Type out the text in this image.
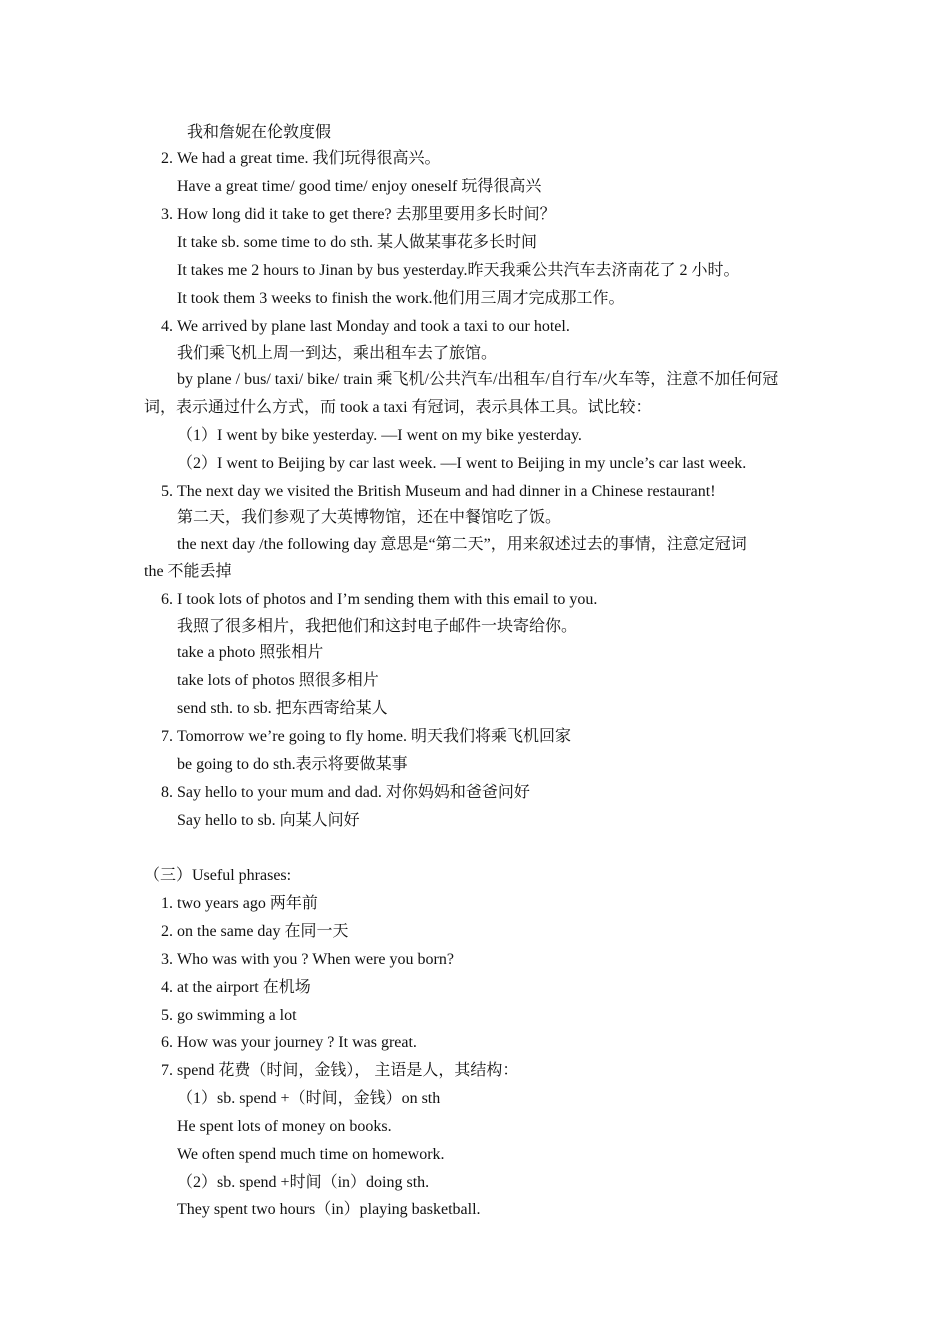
我和詹妮在伦敦度假
2. We had a great time. 我们玩得很高兴。
Have a great time/ good time/ enjoy oneself 玩得很高兴
3. How long did it take to get there? 去那里要用多长时间？
It take sb. some time to do sth. 某人做某事花多长时间
It takes me 2 hours to Jinan by bus yesterday.昨天我乘公共汽车去济南花了 2 小时。
It took them 3 weeks to finish the work.他们用三周才完成那工作。
4. We arrived by plane last Monday and took a taxi to our hotel.
我们乘飞机上周一到达，乘出租车去了旅馆。
by plane / bus/ taxi/ bike/ train 乘飞机/公共汽车/出租车/自行车/火车等，注意不加任何冠
词，表示通过什么方式，而 took a taxi 有冠词，表示具体工具。试比较：
（1）I went by bike yesterday. —I went on my bike yesterday.
（2）I went to Beijing by car last week. —I went to Beijing in my uncle’s car last week.
5. The next day we visited the British Museum and had dinner in a Chinese restaurant!
第二天，我们参观了大英博物馆，还在中餐馆吃了饭。
the next day /the following day 意思是“第二天”，用来叙述过去的事情，注意定冠词
the 不能丢掉
6. I took lots of photos and I’m sending them with this email to you.
我照了很多相片，我把他们和这封电子邮件一块寄给你。
take a photo 照张相片
take lots of photos 照很多相片
send sth. to sb. 把东西寄给某人
7. Tomorrow we’re going to fly home. 明天我们将乘飞机回家
be going to do sth.表示将要做某事
8. Say hello to your mum and dad. 对你妈妈和爸爸问好
Say hello to sb. 向某人问好
（三）Useful phrases:
1. two years ago 两年前
2. on the same day 在同一天
3. Who was with you ? When were you born?
4. at the airport 在机场
5. go swimming a lot
6. How was your journey ? It was great.
7. spend 花费（时间，金钱）， 主语是人，其结构：
（1）sb. spend +（时间，金钱）on sth
He spent lots of money on books.
We often spend much time on homework.
（2）sb. spend +时间（in）doing sth.
They spent two hours（in）playing basketball.
